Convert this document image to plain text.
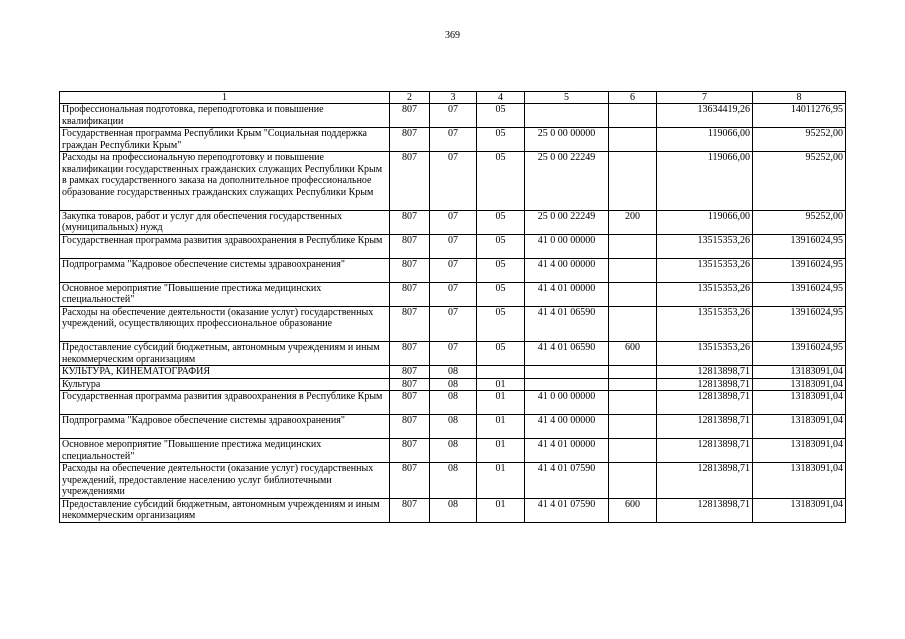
369
1	2	3	4	5	6	7	8
Профессиональная подготовка, переподготовка и повышение квалификации	807	07	05			13634419,26	14011276,95
Государственная программа Республики Крым "Социальная поддержка граждан Республики Крым"	807	07	05	25 0 00 00000		119066,00	95252,00
Расходы на профессиональную переподготовку и повышение квалификации государственных гражданских служащих Республики Крым в рамках государственного заказа на дополнительное профессиональное образование государственных гражданских служащих Республики Крым	807	07	05	25 0 00 22249		119066,00	95252,00
Закупка товаров, работ и услуг для обеспечения государственных (муниципальных) нужд	807	07	05	25 0 00 22249	200	119066,00	95252,00
Государственная программа развития здравоохранения в Республике Крым	807	07	05	41 0 00 00000		13515353,26	13916024,95
Подпрограмма "Кадровое обеспечение системы здравоохранения"	807	07	05	41 4 00 00000		13515353,26	13916024,95
Основное мероприятие "Повышение престижа медицинских специальностей"	807	07	05	41 4 01 00000		13515353,26	13916024,95
Расходы на обеспечение деятельности (оказание услуг) государственных учреждений, осуществляющих профессиональное образование	807	07	05	41 4 01 06590		13515353,26	13916024,95
Предоставление субсидий бюджетным, автономным учреждениям и иным некоммерческим организациям	807	07	05	41 4 01 06590	600	13515353,26	13916024,95
КУЛЬТУРА, КИНЕМАТОГРАФИЯ	807	08				12813898,71	13183091,04
Культура	807	08	01			12813898,71	13183091,04
Государственная программа развития здравоохранения в Республике Крым	807	08	01	41 0 00 00000		12813898,71	13183091,04
Подпрограмма "Кадровое обеспечение системы здравоохранения"	807	08	01	41 4 00 00000		12813898,71	13183091,04
Основное мероприятие "Повышение престижа медицинских специальностей"	807	08	01	41 4 01 00000		12813898,71	13183091,04
Расходы на обеспечение деятельности (оказание услуг) государственных учреждений, предоставление населению услуг библиотечными учреждениями	807	08	01	41 4 01 07590		12813898,71	13183091,04
Предоставление субсидий бюджетным, автономным учреждениям и иным некоммерческим организациям	807	08	01	41 4 01 07590	600	12813898,71	13183091,04
